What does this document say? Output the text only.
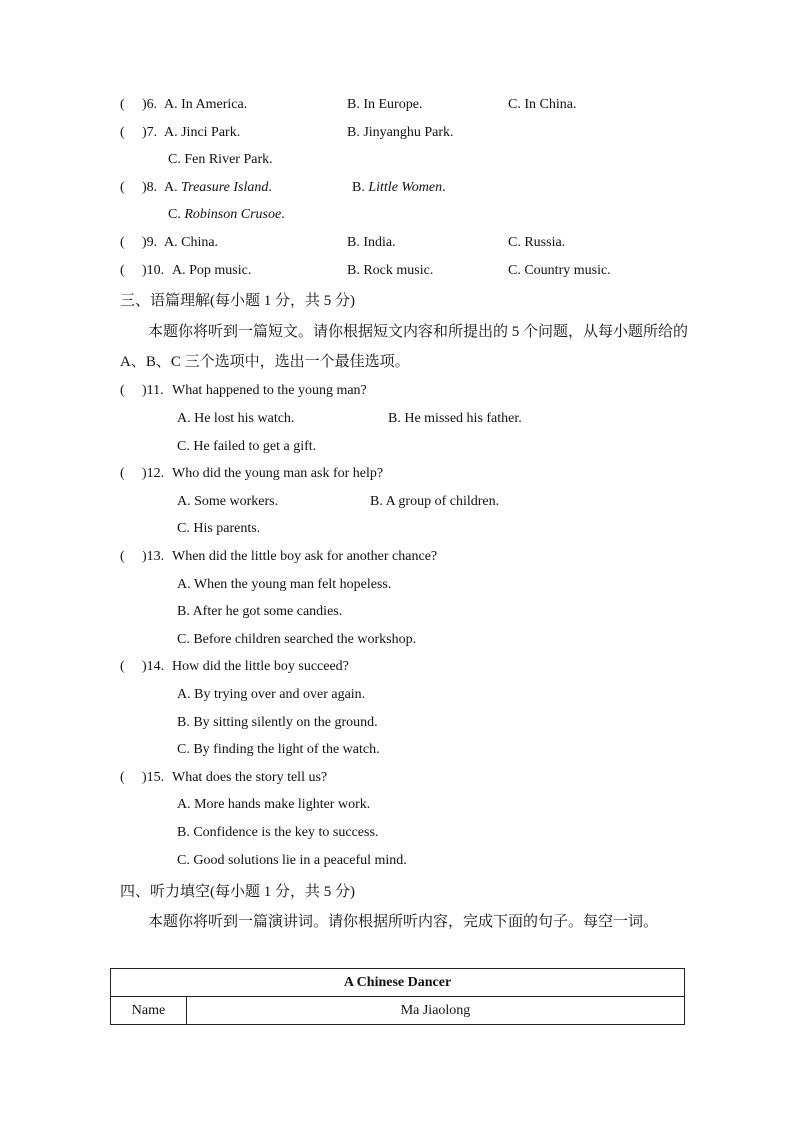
( )6. A. In America.	B. In Europe.	C. In China.
( )7. A. Jinci Park.	B. Jinyanghu Park.
C. Fen River Park.
( )8. A. Treasure Island.	B. Little Women.
C. Robinson Crusoe.
( )9. A. China.	B. India.	C. Russia.
( )10. A. Pop music.	B. Rock music.	C. Country music.
三、语篇理解(每小题 1 分，共 5 分)
本题你将听到一篇短文。请你根据短文内容和所提出的 5 个问题，从每小题所给的 A、B、C 三个选项中，选出一个最佳选项。
( )11. What happened to the young man?
A. He lost his watch.	B. He missed his father.
C. He failed to get a gift.
( )12. Who did the young man ask for help?
A. Some workers.	B. A group of children.
C. His parents.
( )13. When did the little boy ask for another chance?
A. When the young man felt hopeless.
B. After he got some candies.
C. Before children searched the workshop.
( )14. How did the little boy succeed?
A. By trying over and over again.
B. By sitting silently on the ground.
C. By finding the light of the watch.
( )15. What does the story tell us?
A. More hands make lighter work.
B. Confidence is the key to success.
C. Good solutions lie in a peaceful mind.
四、听力填空(每小题 1 分，共 5 分)
本题你将听到一篇演讲词。请你根据所听内容，完成下面的句子。每空一词。
A Chinese Dancer
Name	Ma Jiaolong
